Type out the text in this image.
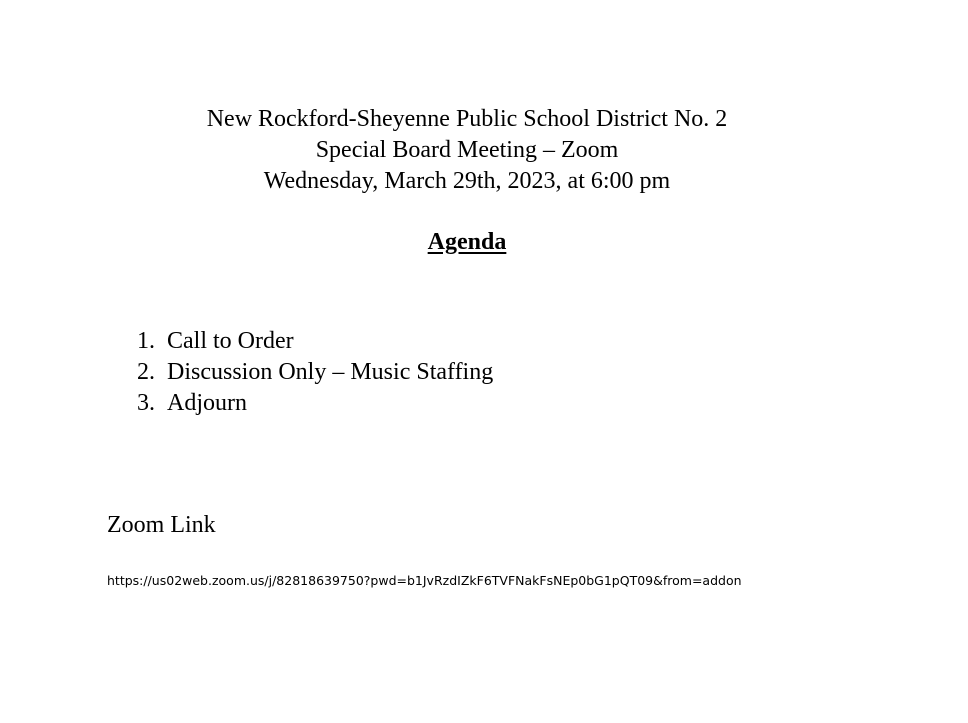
New Rockford-Sheyenne Public School District No. 2
Special Board Meeting – Zoom
Wednesday, March 29th, 2023, at 6:00 pm
Agenda
1. Call to Order
2. Discussion Only – Music Staffing
3. Adjourn
Zoom Link
https://us02web.zoom.us/j/82818639750?pwd=b1JvRzdIZkF6TVFNakFsNEp0bG1pQT09&from=addon
